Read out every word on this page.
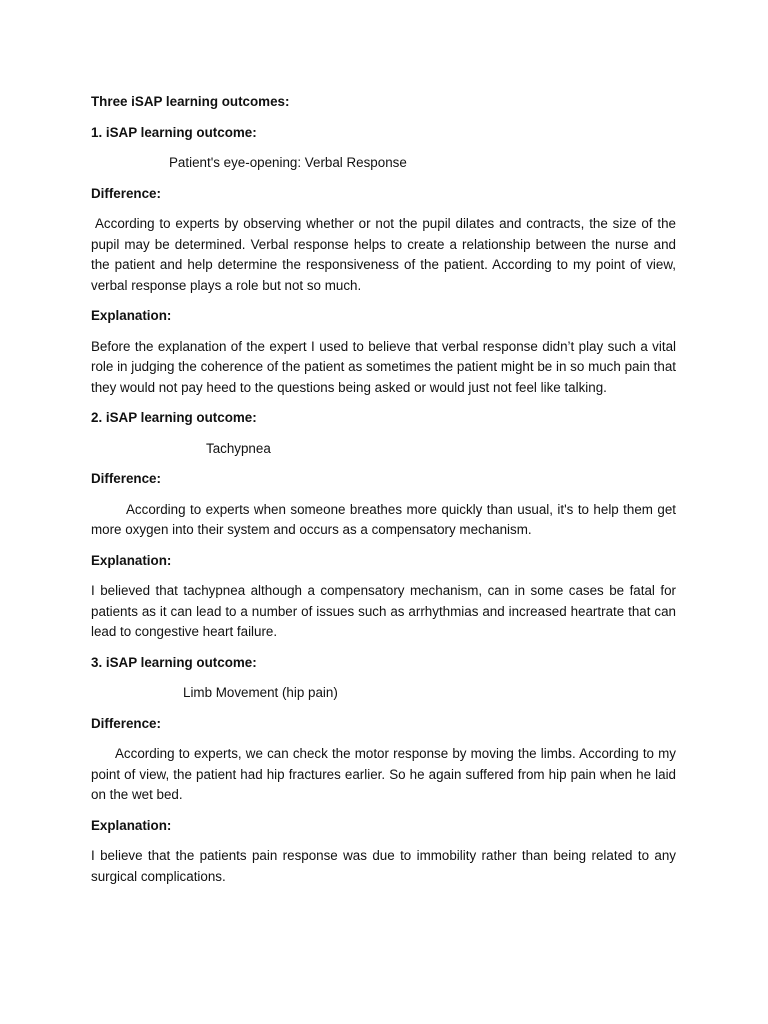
Three iSAP learning outcomes:
1. iSAP learning outcome:
Patient's eye-opening: Verbal Response
Difference:
According to experts by observing whether or not the pupil dilates and contracts, the size of the pupil may be determined. Verbal response helps to create a relationship between the nurse and the patient and help determine the responsiveness of the patient. According to my point of view, verbal response plays a role but not so much.
Explanation:
Before the explanation of the expert I used to believe that verbal response didn’t play such a vital role in judging the coherence of the patient as sometimes the patient might be in so much pain that they would not pay heed to the questions being asked or would just not feel like talking.
2. iSAP learning outcome:
Tachypnea
Difference:
According to experts when someone breathes more quickly than usual, it's to help them get more oxygen into their system and occurs as a compensatory mechanism.
Explanation:
I believed that tachypnea although a compensatory mechanism, can in some cases be fatal for patients as it can lead to a number of issues such as arrhythmias and increased heartrate that can lead to congestive heart failure.
3. iSAP learning outcome:
Limb Movement (hip pain)
Difference:
According to experts, we can check the motor response by moving the limbs. According to my point of view, the patient had hip fractures earlier. So he again suffered from hip pain when he laid on the wet bed.
Explanation:
I believe that the patients pain response was due to immobility rather than being related to any surgical complications.
